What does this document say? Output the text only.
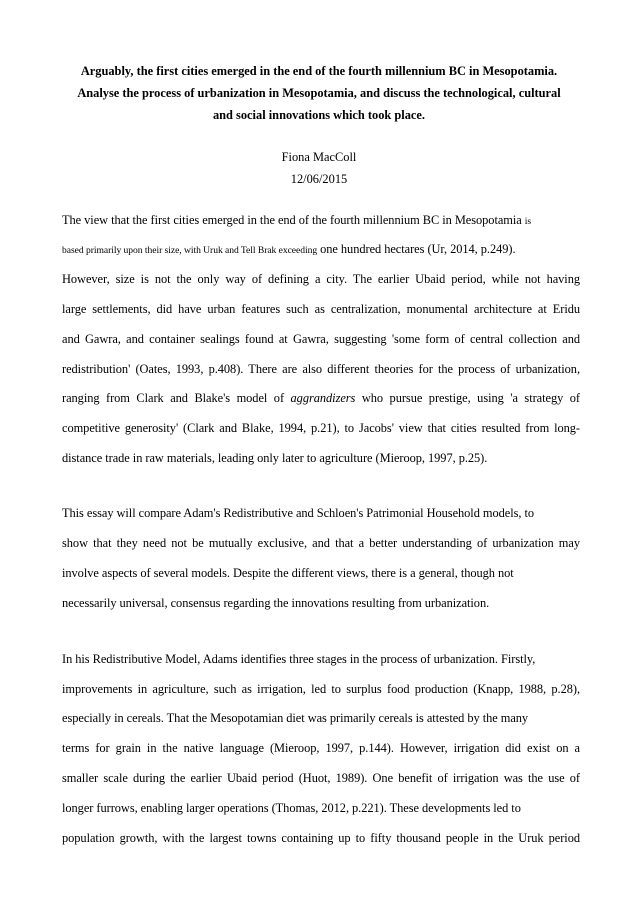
Arguably, the first cities emerged in the end of the fourth millennium BC in Mesopotamia.
Analyse the process of urbanization in Mesopotamia, and discuss the technological, cultural
and social innovations which took place.
Fiona MacColl
12/06/2015
The view that the first cities emerged in the end of the fourth millennium BC in Mesopotamia is
based primarily upon their size, with Uruk and Tell Brak exceeding one hundred hectares (Ur, 2014, p.249).
However, size is not the only way of defining a city. The earlier Ubaid period, while not having
large settlements, did have urban features such as centralization, monumental architecture at Eridu
and Gawra, and container sealings found at Gawra, suggesting 'some form of central collection and
redistribution' (Oates, 1993, p.408). There are also different theories for the process of urbanization,
ranging from Clark and Blake's model of aggrandizers who pursue prestige, using 'a strategy of
competitive generosity' (Clark and Blake, 1994, p.21), to Jacobs' view that cities resulted from long-
distance trade in raw materials, leading only later to agriculture (Mieroop, 1997, p.25).
This essay will compare Adam's Redistributive and Schloen's Patrimonial Household models, to
show that they need not be mutually exclusive, and that a better understanding of urbanization may
involve aspects of several models. Despite the different views, there is a general, though not
necessarily universal, consensus regarding the innovations resulting from urbanization.
In his Redistributive Model, Adams identifies three stages in the process of urbanization. Firstly,
improvements in agriculture, such as irrigation, led to surplus food production (Knapp, 1988, p.28),
especially in cereals. That the Mesopotamian diet was primarily cereals is attested by the many
terms for grain in the native language (Mieroop, 1997, p.144). However, irrigation did exist on a
smaller scale during the earlier Ubaid period (Huot, 1989). One benefit of irrigation was the use of
longer furrows, enabling larger operations (Thomas, 2012, p.221). These developments led to
population growth, with the largest towns containing up to fifty thousand people in the Uruk period
